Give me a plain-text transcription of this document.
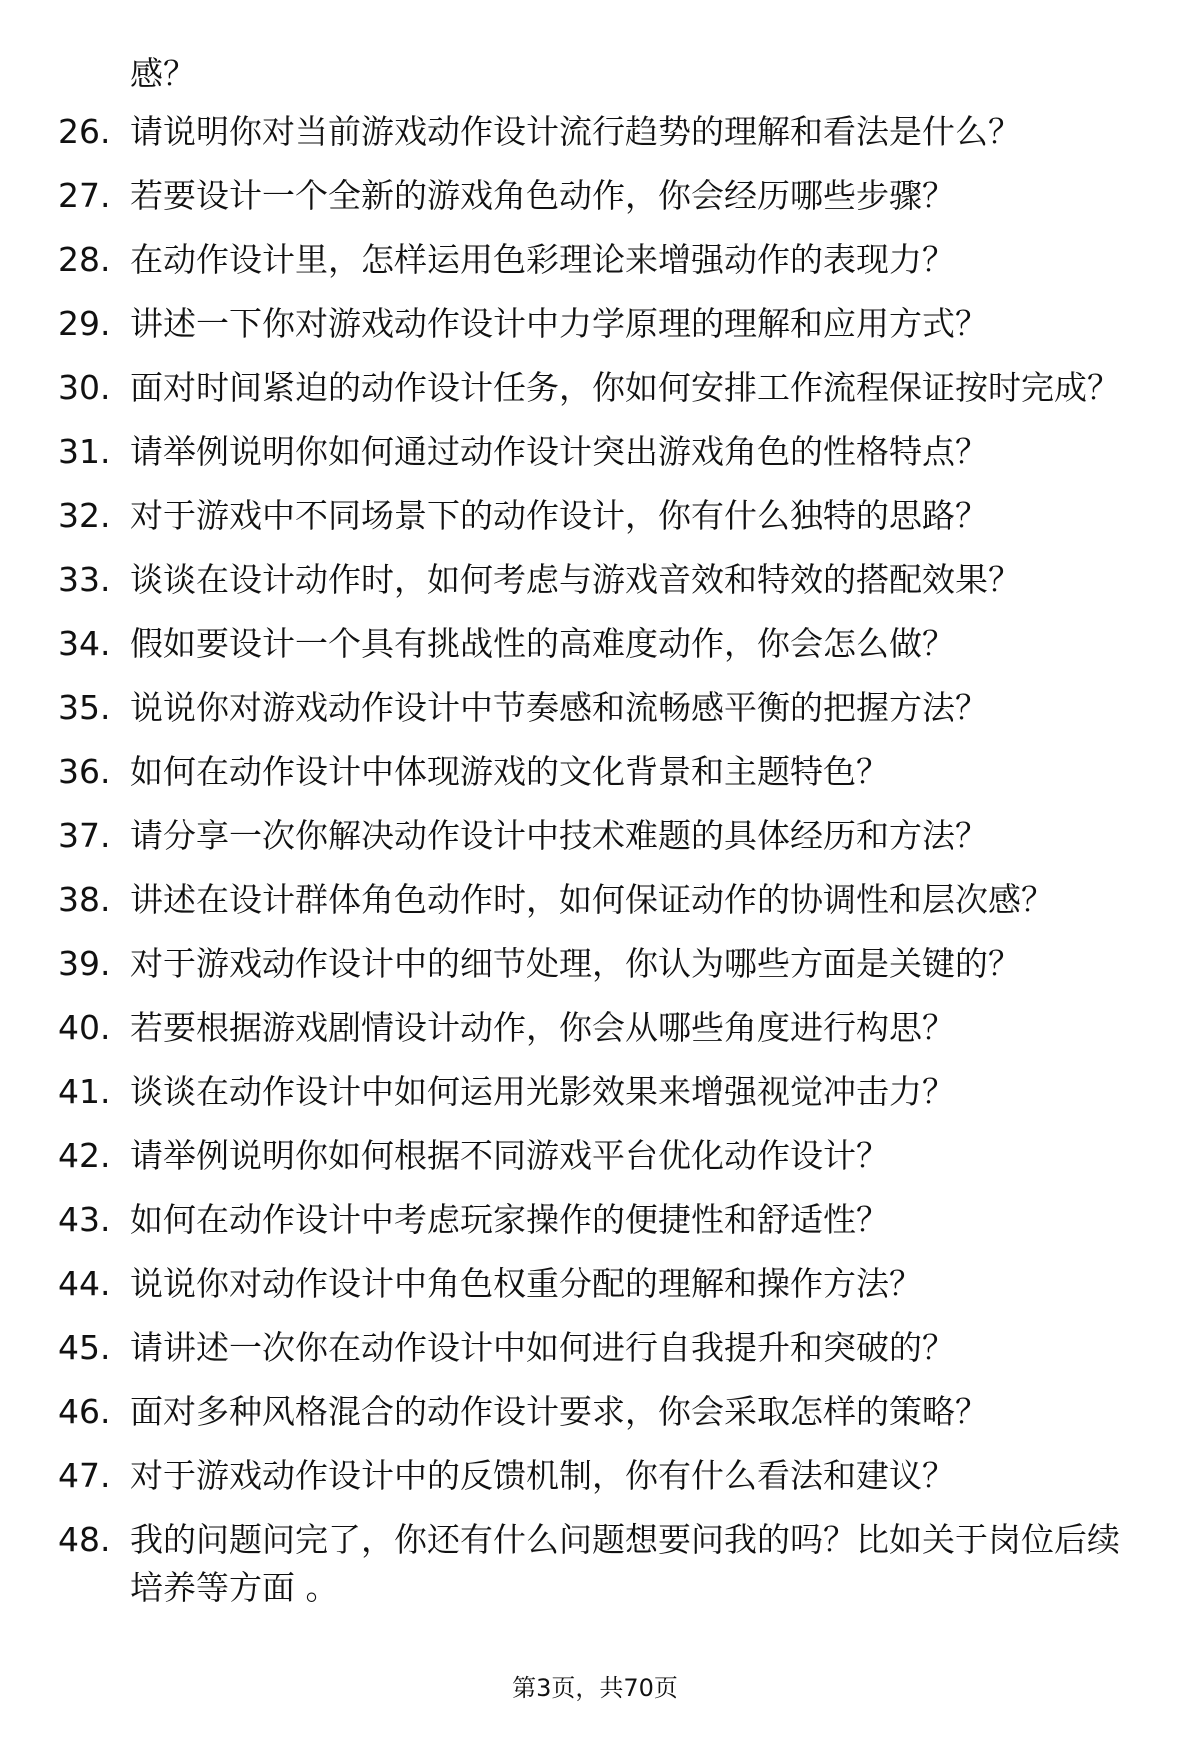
感？

26. 请说明你对当前游戏动作设计流行趋势的理解和看法是什么？
27. 若要设计一个全新的游戏角色动作，你会经历哪些步骤？
28. 在动作设计里，怎样运用色彩理论来增强动作的表现力？
29. 讲述一下你对游戏动作设计中力学原理的理解和应用方式？
30. 面对时间紧迫的动作设计任务，你如何安排工作流程保证按时完成？
31. 请举例说明你如何通过动作设计突出游戏角色的性格特点？
32. 对于游戏中不同场景下的动作设计，你有什么独特的思路？
33. 谈谈在设计动作时，如何考虑与游戏音效和特效的搭配效果？
34. 假如要设计一个具有挑战性的高难度动作，你会怎么做？
35. 说说你对游戏动作设计中节奏感和流畅感平衡的把握方法？
36. 如何在动作设计中体现游戏的文化背景和主题特色？
37. 请分享一次你解决动作设计中技术难题的具体经历和方法？
38. 讲述在设计群体角色动作时，如何保证动作的协调性和层次感？
39. 对于游戏动作设计中的细节处理，你认为哪些方面是关键的？
40. 若要根据游戏剧情设计动作，你会从哪些角度进行构思？
41. 谈谈在动作设计中如何运用光影效果来增强视觉冲击力？
42. 请举例说明你如何根据不同游戏平台优化动作设计？
43. 如何在动作设计中考虑玩家操作的便捷性和舒适性？
44. 说说你对动作设计中角色权重分配的理解和操作方法？
45. 请讲述一次你在动作设计中如何进行自我提升和突破的？
46. 面对多种风格混合的动作设计要求，你会采取怎样的策略？
47. 对于游戏动作设计中的反馈机制，你有什么看法和建议？
48. 我的问题问完了，你还有什么问题想要问我的吗？比如关于岗位后续培养等方面 。
第3页，共70页
